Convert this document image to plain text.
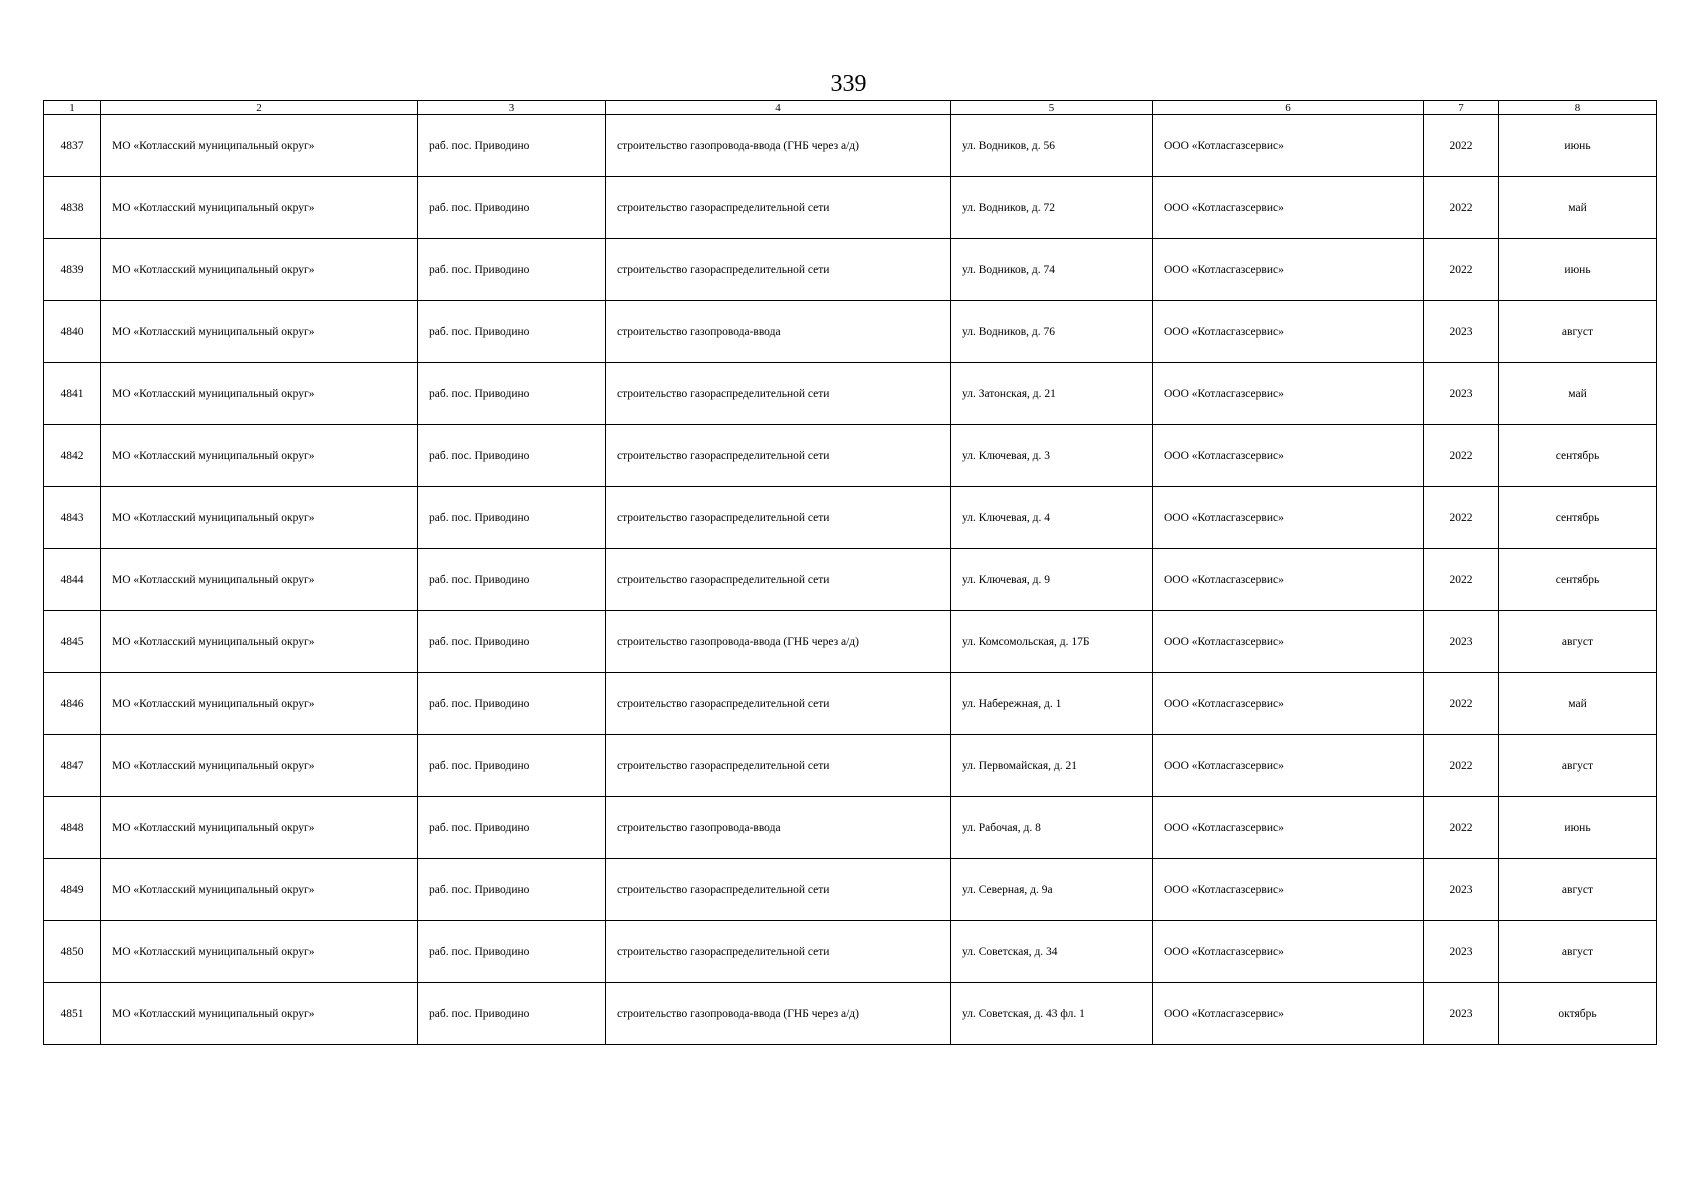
339
1	2	3	4	5	6	7	8
4837	МО «Котласский муниципальный округ»	раб. пос. Приводино	строительство газопровода-ввода (ГНБ через а/д)	ул. Водников, д. 56	ООО «Котласгазсервис»	2022	июнь
4838	МО «Котласский муниципальный округ»	раб. пос. Приводино	строительство газораспределительной сети	ул. Водников, д. 72	ООО «Котласгазсервис»	2022	май
4839	МО «Котласский муниципальный округ»	раб. пос. Приводино	строительство газораспределительной сети	ул. Водников, д. 74	ООО «Котласгазсервис»	2022	июнь
4840	МО «Котласский муниципальный округ»	раб. пос. Приводино	строительство газопровода-ввода	ул. Водников, д. 76	ООО «Котласгазсервис»	2023	август
4841	МО «Котласский муниципальный округ»	раб. пос. Приводино	строительство газораспределительной сети	ул. Затонская, д. 21	ООО «Котласгазсервис»	2023	май
4842	МО «Котласский муниципальный округ»	раб. пос. Приводино	строительство газораспределительной сети	ул. Ключевая, д. 3	ООО «Котласгазсервис»	2022	сентябрь
4843	МО «Котласский муниципальный округ»	раб. пос. Приводино	строительство газораспределительной сети	ул. Ключевая, д. 4	ООО «Котласгазсервис»	2022	сентябрь
4844	МО «Котласский муниципальный округ»	раб. пос. Приводино	строительство газораспределительной сети	ул. Ключевая, д. 9	ООО «Котласгазсервис»	2022	сентябрь
4845	МО «Котласский муниципальный округ»	раб. пос. Приводино	строительство газопровода-ввода (ГНБ через а/д)	ул. Комсомольская, д. 17Б	ООО «Котласгазсервис»	2023	август
4846	МО «Котласский муниципальный округ»	раб. пос. Приводино	строительство газораспределительной сети	ул. Набережная, д. 1	ООО «Котласгазсервис»	2022	май
4847	МО «Котласский муниципальный округ»	раб. пос. Приводино	строительство газораспределительной сети	ул. Первомайская, д. 21	ООО «Котласгазсервис»	2022	август
4848	МО «Котласский муниципальный округ»	раб. пос. Приводино	строительство газопровода-ввода	ул. Рабочая, д. 8	ООО «Котласгазсервис»	2022	июнь
4849	МО «Котласский муниципальный округ»	раб. пос. Приводино	строительство газораспределительной сети	ул. Северная, д. 9а	ООО «Котласгазсервис»	2023	август
4850	МО «Котласский муниципальный округ»	раб. пос. Приводино	строительство газораспределительной сети	ул. Советская, д. 34	ООО «Котласгазсервис»	2023	август
4851	МО «Котласский муниципальный округ»	раб. пос. Приводино	строительство газопровода-ввода (ГНБ через а/д)	ул. Советская, д. 43 фл. 1	ООО «Котласгазсервис»	2023	октябрь
